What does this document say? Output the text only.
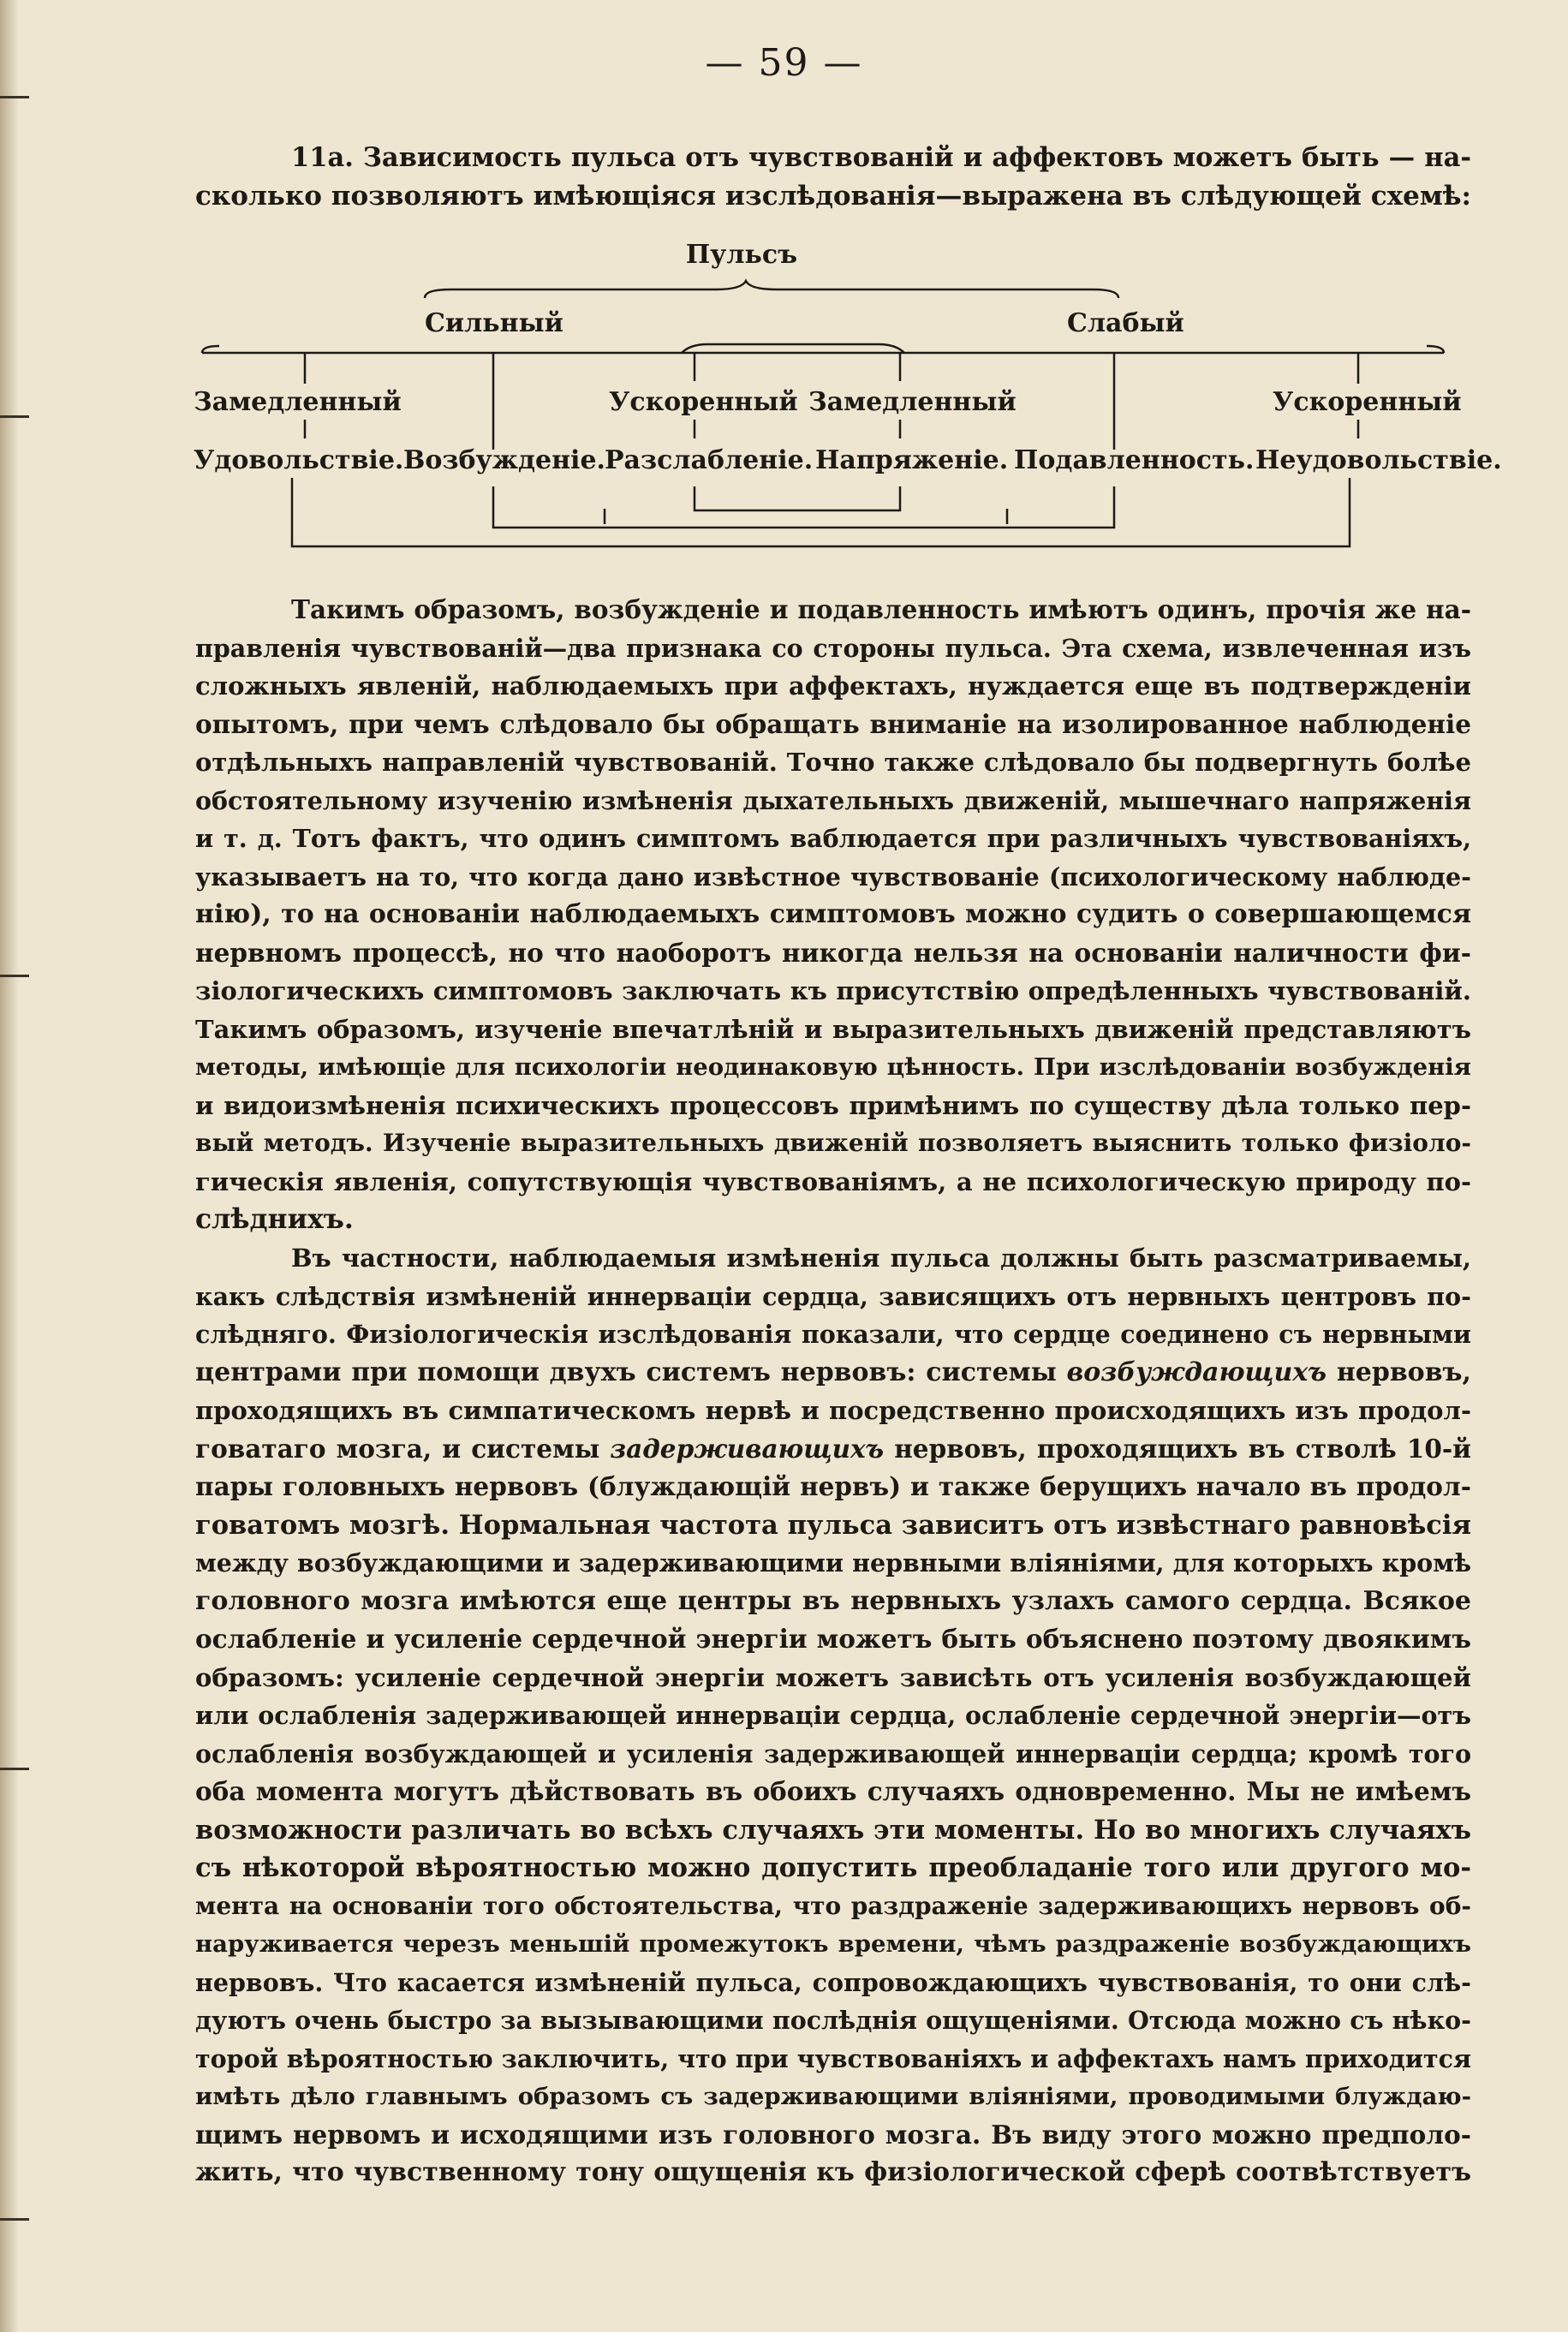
— 59 —
11a. Зависимость пульса отъ чувствованій и аффектовъ можетъ быть — на-
сколько позволяютъ имѣющіяся изслѣдованія—выражена въ слѣдующей схемѣ:
Пульсъ
Сильный	Слабый
Замедленный	Ускоренный Замедленный	Ускоренный
Удовольствіе. Возбужденіе. Разслабленіе. Напряженіе. Подавленность. Неудовольствіе.
Такимъ образомъ, возбужденіе и подавленность имѣютъ одинъ, прочія же на-
правленія чувствованій—два признака со стороны пульса. Эта схема, извлеченная изъ
сложныхъ явленій, наблюдаемыхъ при аффектахъ, нуждается еще въ подтвержденіи
опытомъ, при чемъ слѣдовало бы обращать вниманіе на изолированное наблюденіе
отдѣльныхъ направленій чувствованій. Точно также слѣдовало бы подвергнуть болѣе
обстоятельному изученію измѣненія дыхательныхъ движеній, мышечнаго напряженія
и т. д. Тотъ фактъ, что одинъ симптомъ ваблюдается при различныхъ чувствованіяхъ,
указываетъ на то, что когда дано извѣстное чувствованіе (психологическому наблюде-
нію), то на основаніи наблюдаемыхъ симптомовъ можно судить о совершающемся
нервномъ процессѣ, но что наоборотъ никогда нельзя на основаніи наличности фи-
зіологическихъ симптомовъ заключать къ присутствію опредѣленныхъ чувствованій.
Такимъ образомъ, изученіе впечатлѣній и выразительныхъ движеній представляютъ
методы, имѣющіе для психологіи неодинаковую цѣнность. При изслѣдованіи возбужденія
и видоизмѣненія психическихъ процессовъ примѣнимъ по существу дѣла только пер-
вый методъ. Изученіе выразительныхъ движеній позволяетъ выяснить только физіоло-
гическія явленія, сопутствующія чувствованіямъ, а не психологическую природу по-
слѣднихъ.
Въ частности, наблюдаемыя измѣненія пульса должны быть разсматриваемы,
какъ слѣдствія измѣненій иннерваціи сердца, зависящихъ отъ нервныхъ центровъ по-
слѣдняго. Физіологическія изслѣдованія показали, что сердце соединено съ нервными
центрами при помощи двухъ системъ нервовъ: системы возбуждающихъ нервовъ,
проходящихъ въ симпатическомъ нервѣ и посредственно происходящихъ изъ продол-
говатаго мозга, и системы задерживающихъ нервовъ, проходящихъ въ стволѣ 10-й
пары головныхъ нервовъ (блуждающій нервъ) и также берущихъ начало въ продол-
говатомъ мозгѣ. Нормальная частота пульса зависитъ отъ извѣстнаго равновѣсія
между возбуждающими и задерживающими нервными вліяніями, для которыхъ кромѣ
головного мозга имѣются еще центры въ нервныхъ узлахъ самого сердца. Всякое
ослабленіе и усиленіе сердечной энергіи можетъ быть объяснено поэтому двоякимъ
образомъ: усиленіе сердечной энергіи можетъ зависѣть отъ усиленія возбуждающей
или ослабленія задерживающей иннерваціи сердца, ослабленіе сердечной энергіи—отъ
ослабленія возбуждающей и усиленія задерживающей иннерваціи сердца; кромѣ того
оба момента могутъ дѣйствовать въ обоихъ случаяхъ одновременно. Мы не имѣемъ
возможности различать во всѣхъ случаяхъ эти моменты. Но во многихъ случаяхъ
съ нѣкоторой вѣроятностью можно допустить преобладаніе того или другого мо-
мента на основаніи того обстоятельства, что раздраженіе задерживающихъ нервовъ об-
наруживается черезъ меньшій промежутокъ времени, чѣмъ раздраженіе возбуждающихъ
нервовъ. Что касается измѣненій пульса, сопровождающихъ чувствованія, то они слѣ-
дуютъ очень быстро за вызывающими послѣднія ощущеніями. Отсюда можно съ нѣко-
торой вѣроятностью заключить, что при чувствованіяхъ и аффектахъ намъ приходится
имѣть дѣло главнымъ образомъ съ задерживающими вліяніями, проводимыми блуждаю-
щимъ нервомъ и исходящими изъ головного мозга. Въ виду этого можно предполо-
жить, что чувственному тону ощущенія къ физіологической сферѣ соотвѣтствуетъ
